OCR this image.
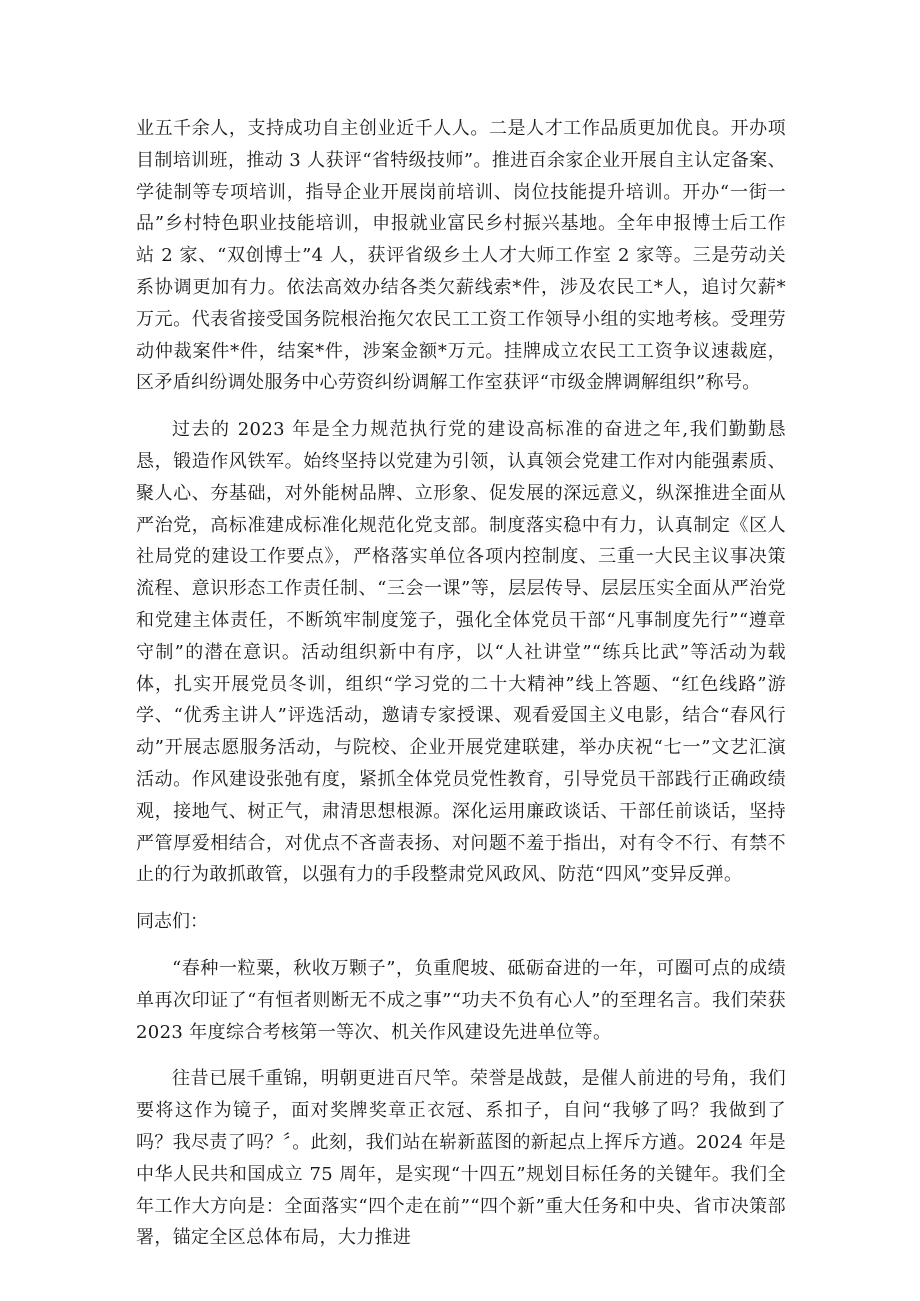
业五千余人，支持成功自主创业近千人人。二是人才工作品质更加优良。开办项目制培训班，推动 3 人获评“省特级技师”。推进百余家企业开展自主认定备案、学徒制等专项培训，指导企业开展岗前培训、岗位技能提升培训。开办“一街一品”乡村特色职业技能培训，申报就业富民乡村振兴基地。全年申报博士后工作站 2 家、“双创博士”4 人，获评省级乡土人才大师工作室 2 家等。三是劳动关系协调更加有力。依法高效办结各类欠薪线索*件，涉及农民工*人，追讨欠薪*万元。代表省接受国务院根治拖欠农民工工资工作领导小组的实地考核。受理劳动仲裁案件*件，结案*件，涉案金额*万元。挂牌成立农民工工资争议速裁庭，区矛盾纠纷调处服务中心劳资纠纷调解工作室获评“市级金牌调解组织”称号。

过去的 2023 年是全力规范执行党的建设高标准的奋进之年,我们勤勤恳恳，锻造作风铁军。始终坚持以党建为引领，认真领会党建工作对内能强素质、聚人心、夯基础，对外能树品牌、立形象、促发展的深远意义，纵深推进全面从严治党，高标准建成标准化规范化党支部。制度落实稳中有力，认真制定《区人社局党的建设工作要点》，严格落实单位各项内控制度、三重一大民主议事决策流程、意识形态工作责任制、“三会一课”等，层层传导、层层压实全面从严治党和党建主体责任，不断筑牢制度笼子，强化全体党员干部“凡事制度先行”“遵章守制”的潜在意识。活动组织新中有序，以“人社讲堂”“练兵比武”等活动为载体，扎实开展党员冬训，组织“学习党的二十大精神”线上答题、“红色线路”游学、“优秀主讲人”评选活动，邀请专家授课、观看爱国主义电影，结合“春风行动”开展志愿服务活动，与院校、企业开展党建联建，举办庆祝“七一”文艺汇演活动。作风建设张弛有度，紧抓全体党员党性教育，引导党员干部践行正确政绩观，接地气、树正气，肃清思想根源。深化运用廉政谈话、干部任前谈话，坚持严管厚爱相结合，对优点不吝啬表扬、对问题不羞于指出，对有令不行、有禁不止的行为敢抓敢管，以强有力的手段整肃党风政风、防范“四风”变异反弹。

同志们：

“春种一粒粟，秋收万颗子”，负重爬坡、砥砺奋进的一年，可圈可点的成绩单再次印证了“有恒者则断无不成之事”“功夫不负有心人”的至理名言。我们荣获 2023 年度综合考核第一等次、机关作风建设先进单位等。

往昔已展千重锦，明朝更进百尺竿。荣誉是战鼓，是催人前进的号角，我们要将这作为镜子，面对奖牌奖章正衣冠、系扣子，自问“我够了吗？我做到了吗？我尽责了吗？〞。此刻，我们站在崭新蓝图的新起点上挥斥方遒。2024 年是中华人民共和国成立 75 周年，是实现“十四五”规划目标任务的关键年。我们全年工作大方向是：全面落实“四个走在前”“四个新”重大任务和中央、省市决策部署，锚定全区总体布局，大力推进
